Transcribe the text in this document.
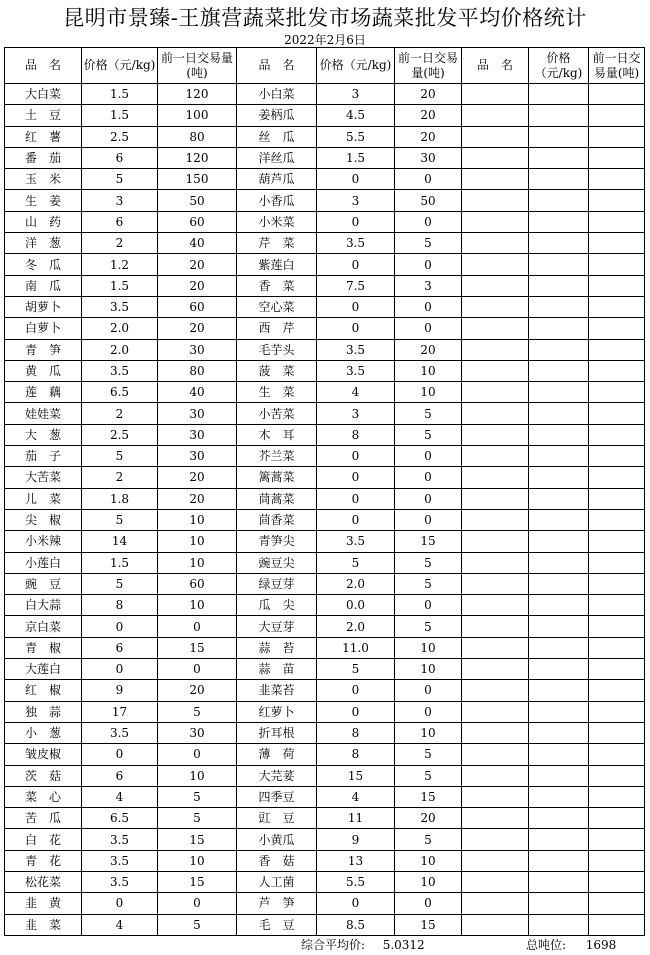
昆明市景臻-王旗营蔬菜批发市场蔬菜批发平均价格统计
2022年2月6日
品　名	价格（元/kg)	前一日交易量(吨)	品　名	价格（元/kg)	前一日交易量(吨)	品　名	价格（元/kg)	前一日交易量(吨)
大白菜	1.5	120	小白菜	3	20			
土　豆	1.5	100	姜柄瓜	4.5	20			
红　薯	2.5	80	丝　瓜	5.5	20			
番　茄	6	120	洋丝瓜	1.5	30			
玉　米	5	150	葫芦瓜	0	0			
生　姜	3	50	小香瓜	3	50			
山　药	6	60	小米菜	0	0			
洋　葱	2	40	芹　菜	3.5	5			
冬　瓜	1.2	20	紫莲白	0	0			
南　瓜	1.5	20	香　菜	7.5	3			
胡萝卜	3.5	60	空心菜	0	0			
白萝卜	2.0	20	西　芹	0	0			
青　笋	2.0	30	毛芋头	3.5	20			
黄　瓜	3.5	80	菠　菜	3.5	10			
莲　藕	6.5	40	生　菜	4	10			
娃娃菜	2	30	小苦菜	3	5			
大　葱	2.5	30	木　耳	8	5			
茄　子	5	30	芥兰菜	0	0			
大苦菜	2	20	篱蒿菜	0	0			
儿　菜	1.8	20	茼蒿菜	0	0			
尖　椒	5	10	茴香菜	0	0			
小米辣	14	10	青笋尖	3.5	15			
小莲白	1.5	10	豌豆尖	5	5			
豌　豆	5	60	绿豆芽	2.0	5			
白大蒜	8	10	瓜　尖	0.0	0			
京白菜	0	0	大豆芽	2.0	5			
青　椒	6	15	蒜　苔	11.0	10			
大莲白	0	0	蒜　苗	5	10			
红　椒	9	20	韭菜苔	0	0			
独　蒜	17	5	红萝卜	0	0			
小　葱	3.5	30	折耳根	8	10			
皱皮椒	0	0	薄　荷	8	5			
茨　菇	6	10	大芫荽	15	5			
菜　心	4	5	四季豆	4	15			
苦　瓜	6.5	5	豇　豆	11	20			
白　花	3.5	15	小黄瓜	9	5			
青　花	3.5	10	香　菇	13	10			
松花菜	3.5	15	人工菌	5.5	10			
韭　黄	0	0	芦　笋	0	0			
韭　菜	4	5	毛　豆	8.5	15			
综合平均价: 5.0312	总吨位: 1698
